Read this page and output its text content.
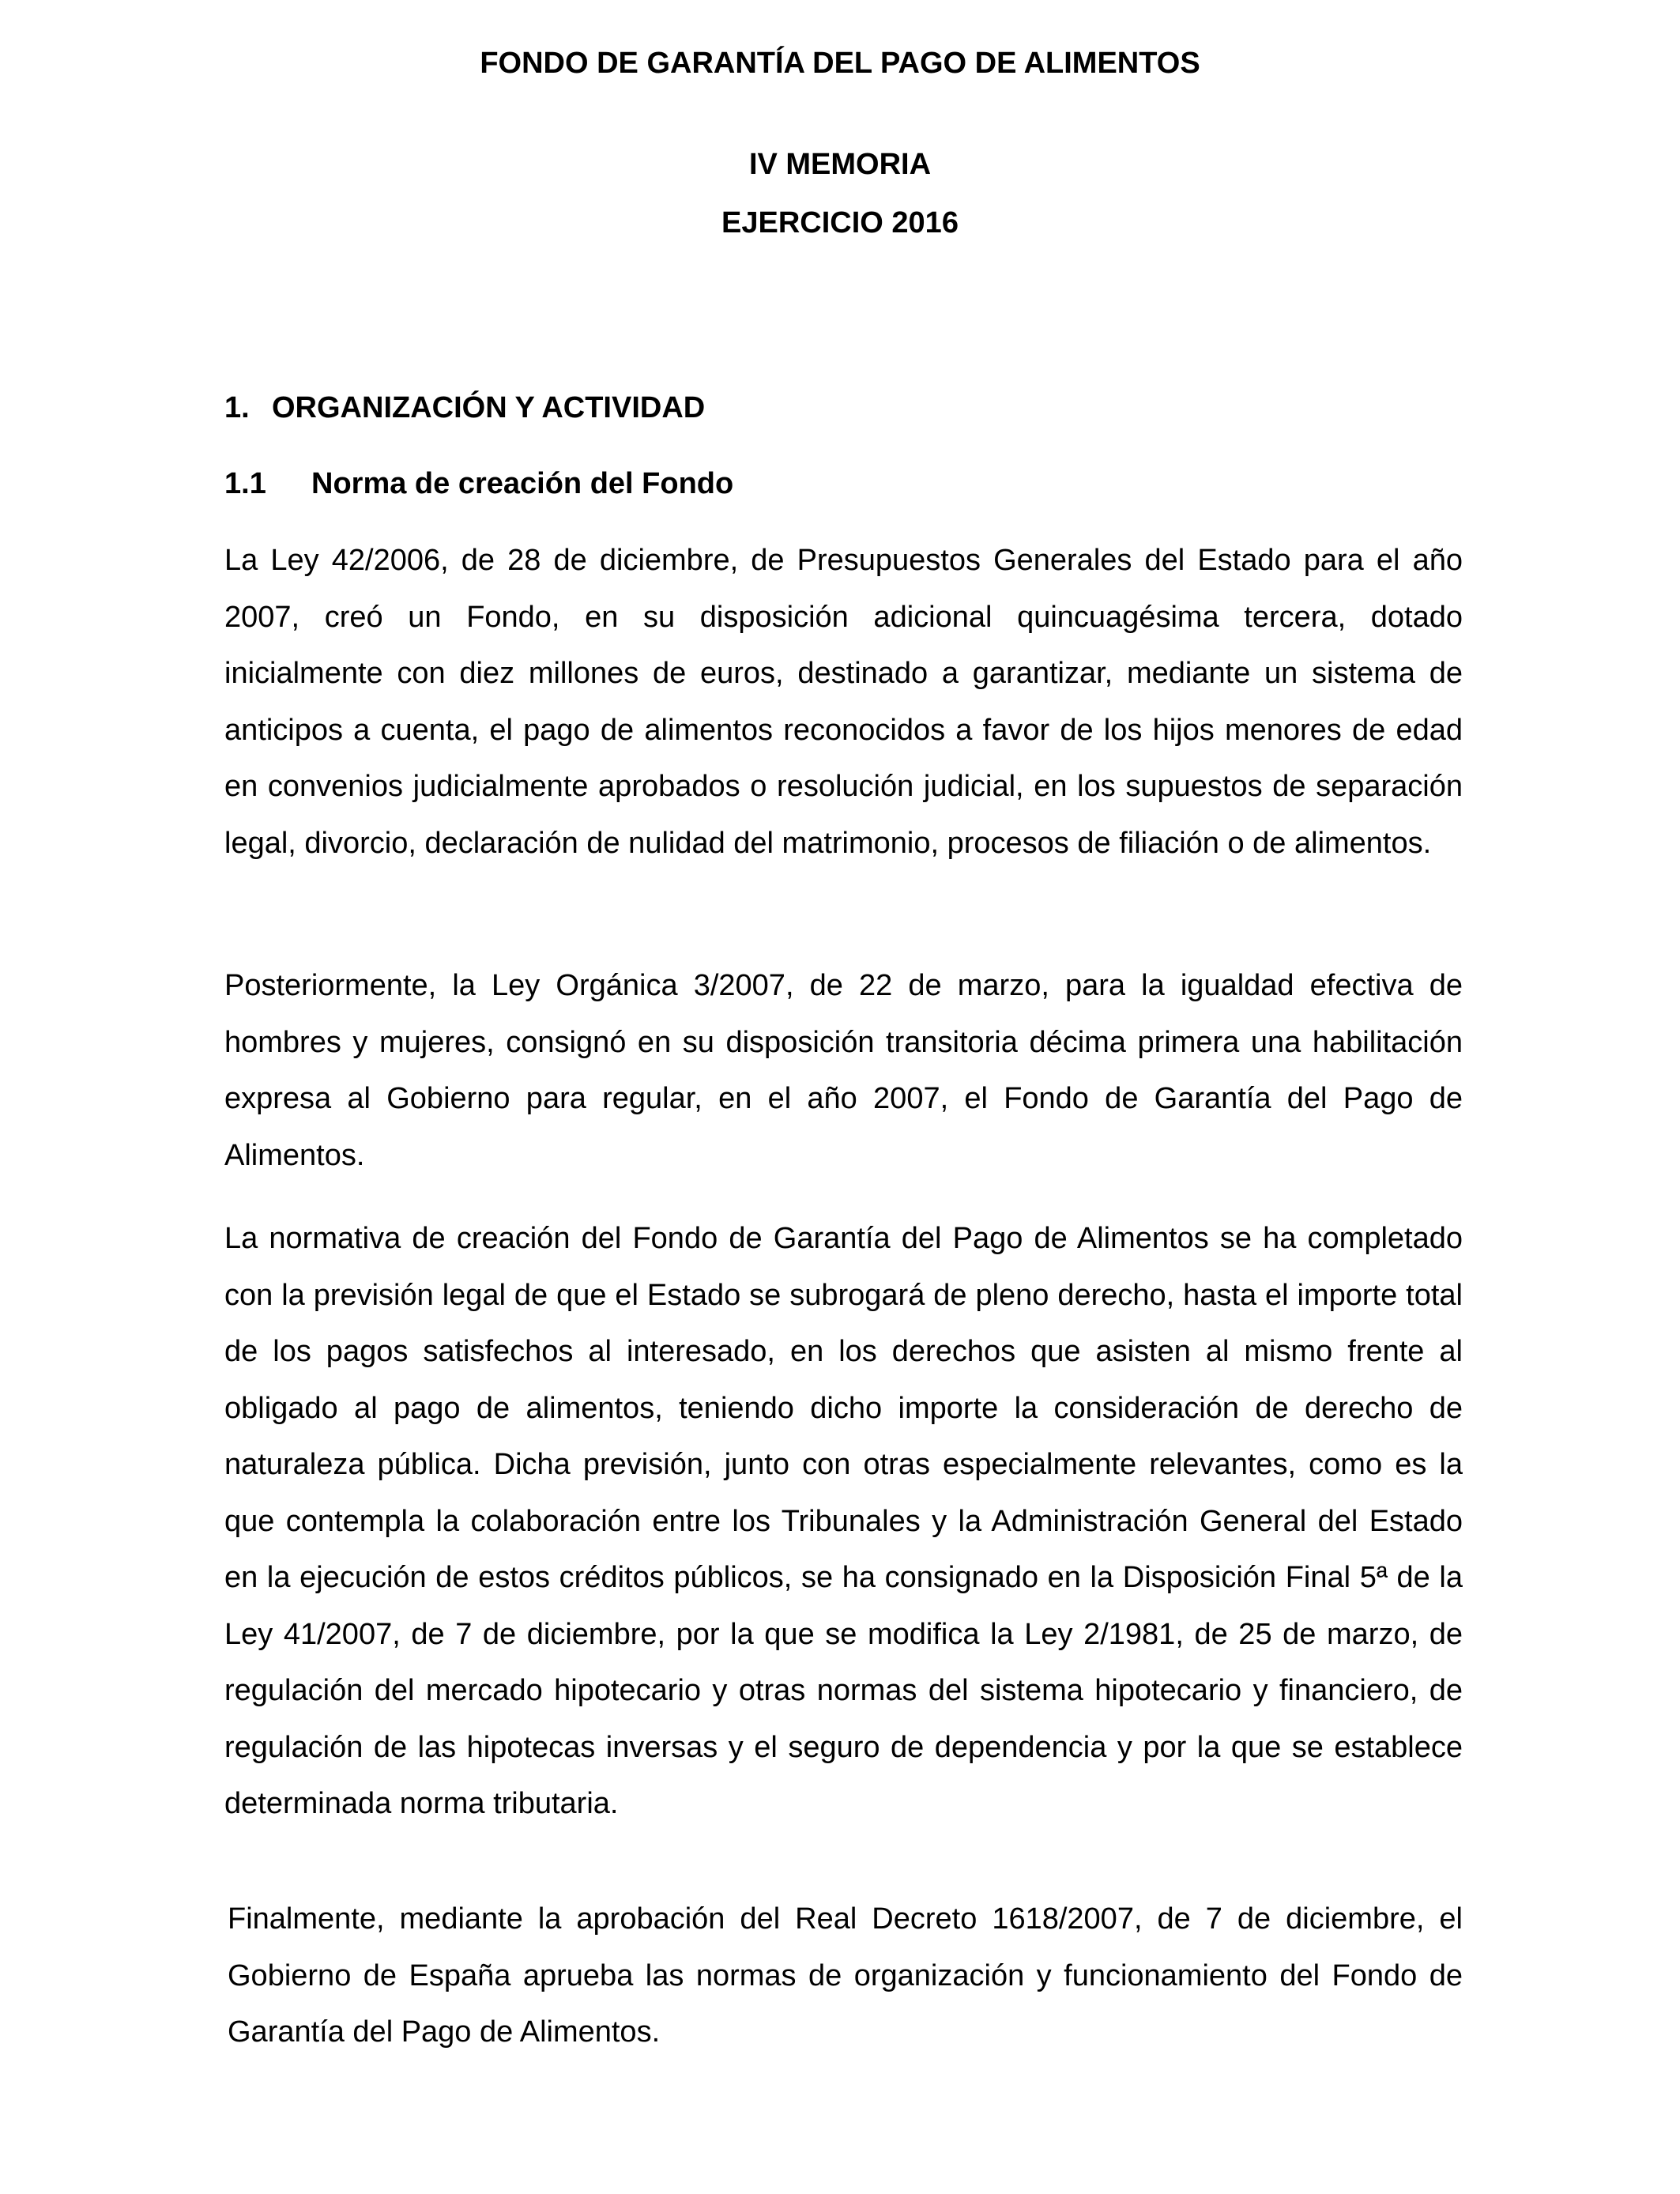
FONDO DE GARANTÍA DEL PAGO DE ALIMENTOS
IV MEMORIA
EJERCICIO 2016
1. ORGANIZACIÓN Y ACTIVIDAD
1.1 Norma de creación del Fondo

La Ley 42/2006, de 28 de diciembre, de Presupuestos Generales del Estado para el año 2007, creó un Fondo, en su disposición adicional quincuagésima tercera, dotado inicialmente con diez millones de euros, destinado a garantizar, mediante un sistema de anticipos a cuenta, el pago de alimentos reconocidos a favor de los hijos menores de edad en convenios judicialmente aprobados o resolución judicial, en los supuestos de separación legal, divorcio, declaración de nulidad del matrimonio, procesos de filiación o de alimentos.

Posteriormente, la Ley Orgánica 3/2007, de 22 de marzo, para la igualdad efectiva de hombres y mujeres, consignó en su disposición transitoria décima primera una habilitación expresa al Gobierno para regular, en el año 2007, el Fondo de Garantía del Pago de Alimentos.

La normativa de creación del Fondo de Garantía del Pago de Alimentos se ha completado con la previsión legal de que el Estado se subrogará de pleno derecho, hasta el importe total de los pagos satisfechos al interesado, en los derechos que asisten al mismo frente al obligado al pago de alimentos, teniendo dicho importe la consideración de derecho de naturaleza pública. Dicha previsión, junto con otras especialmente relevantes, como es la que contempla la colaboración entre los Tribunales y la Administración General del Estado en la ejecución de estos créditos públicos, se ha consignado en la Disposición Final 5ª de la Ley 41/2007, de 7 de diciembre, por la que se modifica la Ley 2/1981, de 25 de marzo, de regulación del mercado hipotecario y otras normas del sistema hipotecario y financiero, de regulación de las hipotecas inversas y el seguro de dependencia y por la que se establece determinada norma tributaria.

Finalmente, mediante la aprobación del Real Decreto 1618/2007, de 7 de diciembre, el Gobierno de España aprueba las normas de organización y funcionamiento del Fondo de Garantía del Pago de Alimentos.
